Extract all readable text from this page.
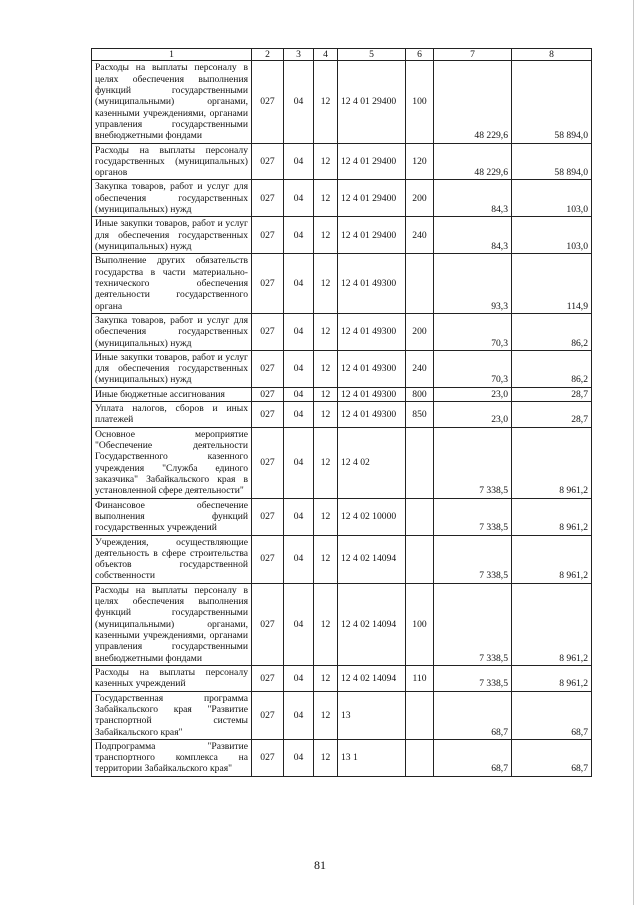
1	2	3	4	5	6	7	8
Расходы на выплаты персоналу в целях обеспечения выполнения функций государственными (муниципальными) органами, казенными учреждениями, органами управления государственными внебюджетными фондами	027	04	12	12 4 01 29400	100	48 229,6	58 894,0
Расходы на выплаты персоналу государственных (муниципальных) органов	027	04	12	12 4 01 29400	120	48 229,6	58 894,0
Закупка товаров, работ и услуг для обеспечения государственных (муниципальных) нужд	027	04	12	12 4 01 29400	200	84,3	103,0
Иные закупки товаров, работ и услуг для обеспечения государственных (муниципальных) нужд	027	04	12	12 4 01 29400	240	84,3	103,0
Выполнение других обязательств государства в части материально-технического обеспечения деятельности государственного органа	027	04	12	12 4 01 49300		93,3	114,9
Закупка товаров, работ и услуг для обеспечения государственных (муниципальных) нужд	027	04	12	12 4 01 49300	200	70,3	86,2
Иные закупки товаров, работ и услуг для обеспечения государственных (муниципальных) нужд	027	04	12	12 4 01 49300	240	70,3	86,2
Иные бюджетные ассигнования	027	04	12	12 4 01 49300	800	23,0	28,7
Уплата налогов, сборов и иных платежей	027	04	12	12 4 01 49300	850	23,0	28,7
Основное мероприятие "Обеспечение деятельности Государственного казенного учреждения "Служба единого заказчика" Забайкальского края в установленной сфере деятельности"	027	04	12	12 4 02		7 338,5	8 961,2
Финансовое обеспечение выполнения функций государственных учреждений	027	04	12	12 4 02 10000		7 338,5	8 961,2
Учреждения, осуществляющие деятельность в сфере строительства объектов государственной собственности	027	04	12	12 4 02 14094		7 338,5	8 961,2
Расходы на выплаты персоналу в целях обеспечения выполнения функций государственными (муниципальными) органами, казенными учреждениями, органами управления государственными внебюджетными фондами	027	04	12	12 4 02 14094	100	7 338,5	8 961,2
Расходы на выплаты персоналу казенных учреждений	027	04	12	12 4 02 14094	110	7 338,5	8 961,2
Государственная программа Забайкальского края "Развитие транспортной системы Забайкальского края"	027	04	12	13		68,7	68,7
Подпрограмма "Развитие транспортного комплекса на территории Забайкальского края"	027	04	12	13 1		68,7	68,7
81
